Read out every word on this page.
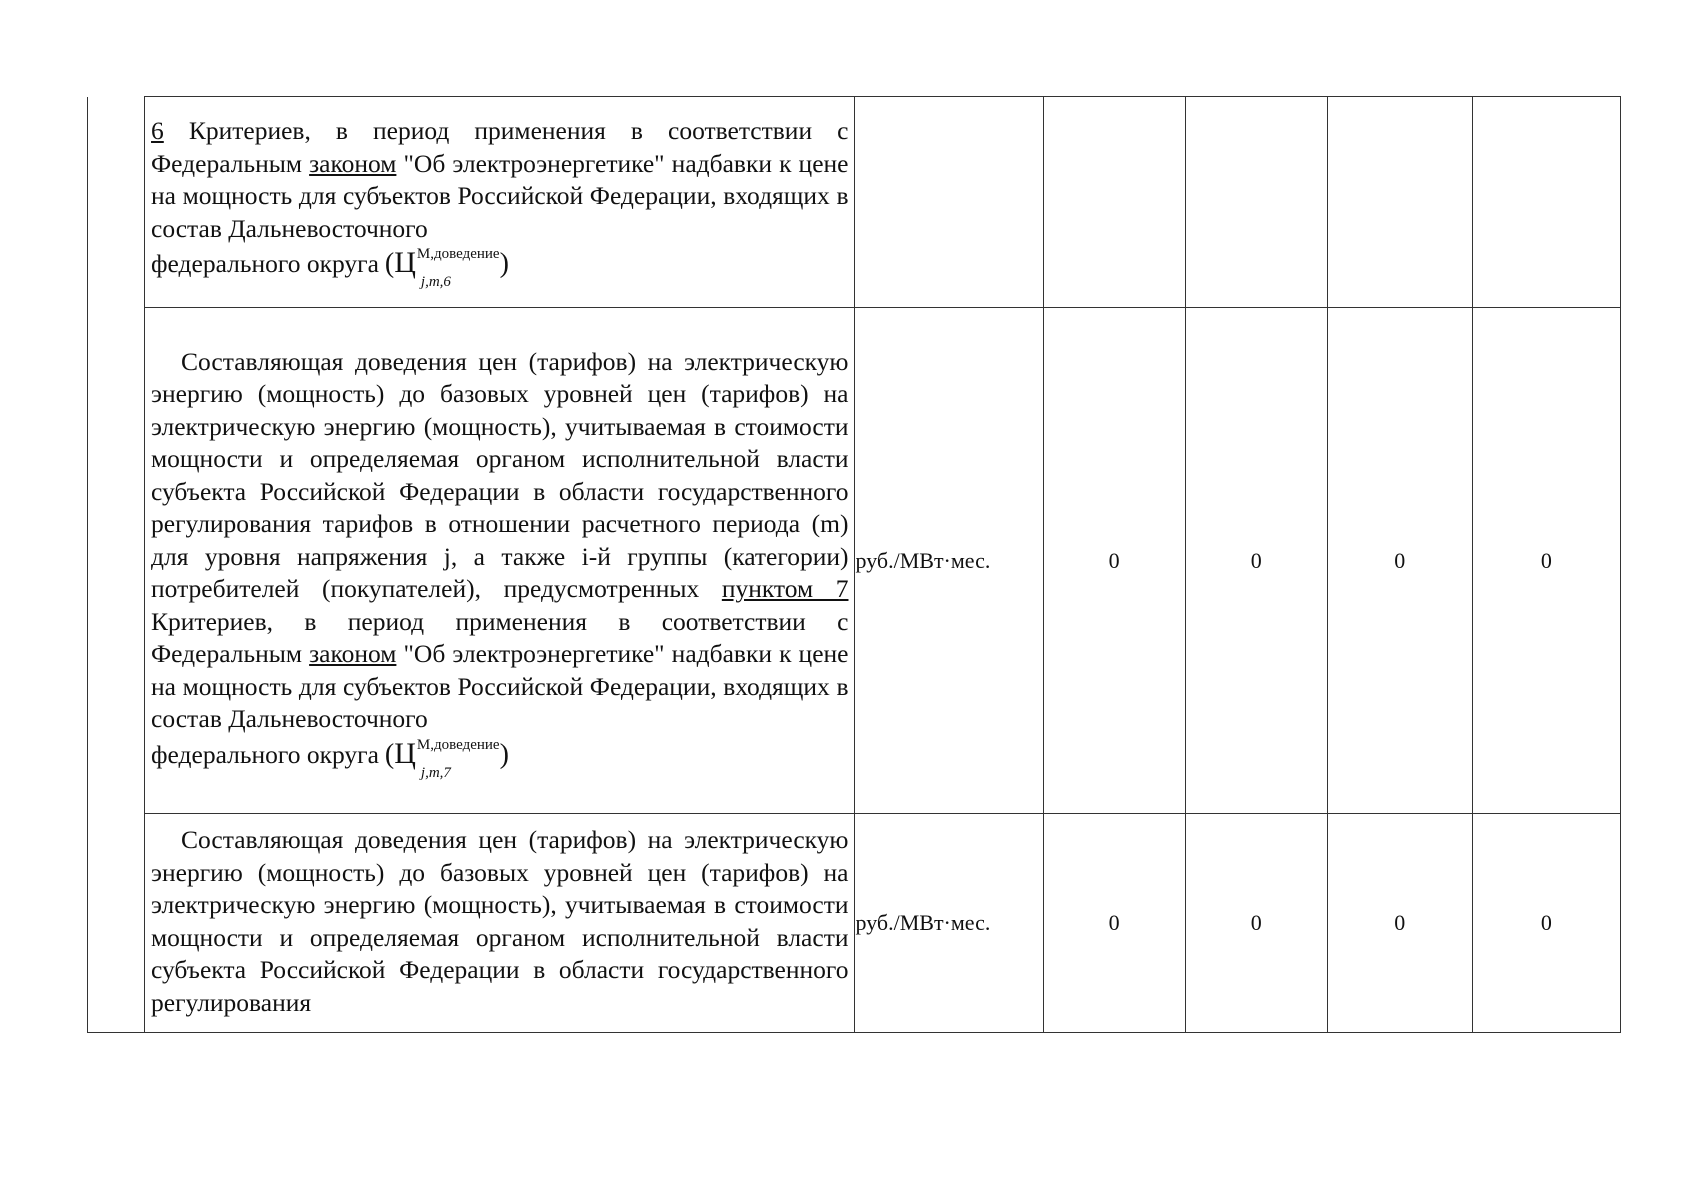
	6 Критериев, в период применения в соответствии с Федеральным законом "Об электроэнергетике" надбавки к цене на мощность для субъектов Российской Федерации, входящих в состав Дальневосточного
федерального округа (ЦМ,доведение
j,m,6
)					

	Составляющая доведения цен (тарифов) на электрическую энергию (мощность) до базовых уровней цен (тарифов) на электрическую энергию (мощность), учитываемая в стоимости мощности и определяемая органом исполнительной власти субъекта Российской Федерации в области государственного регулирования тарифов в отношении расчетного периода (m) для уровня напряжения j, а также i-й группы (категории) потребителей (покупателей), предусмотренных пунктом 7 Критериев, в период применения в соответствии с Федеральным законом "Об электроэнергетике" надбавки к цене на мощность для субъектов Российской Федерации, входящих в состав Дальневосточного
федерального округа (ЦМ,доведение
j,m,7
)	руб./МВт·мес.	0	0	0	0

	Составляющая доведения цен (тарифов) на электрическую энергию (мощность) до базовых уровней цен (тарифов) на электрическую энергию (мощность), учитываемая в стоимости мощности и определяемая органом исполнительной власти субъекта Российской Федерации в области государственного регулирования	руб./МВт·мес.	0	0	0	0
